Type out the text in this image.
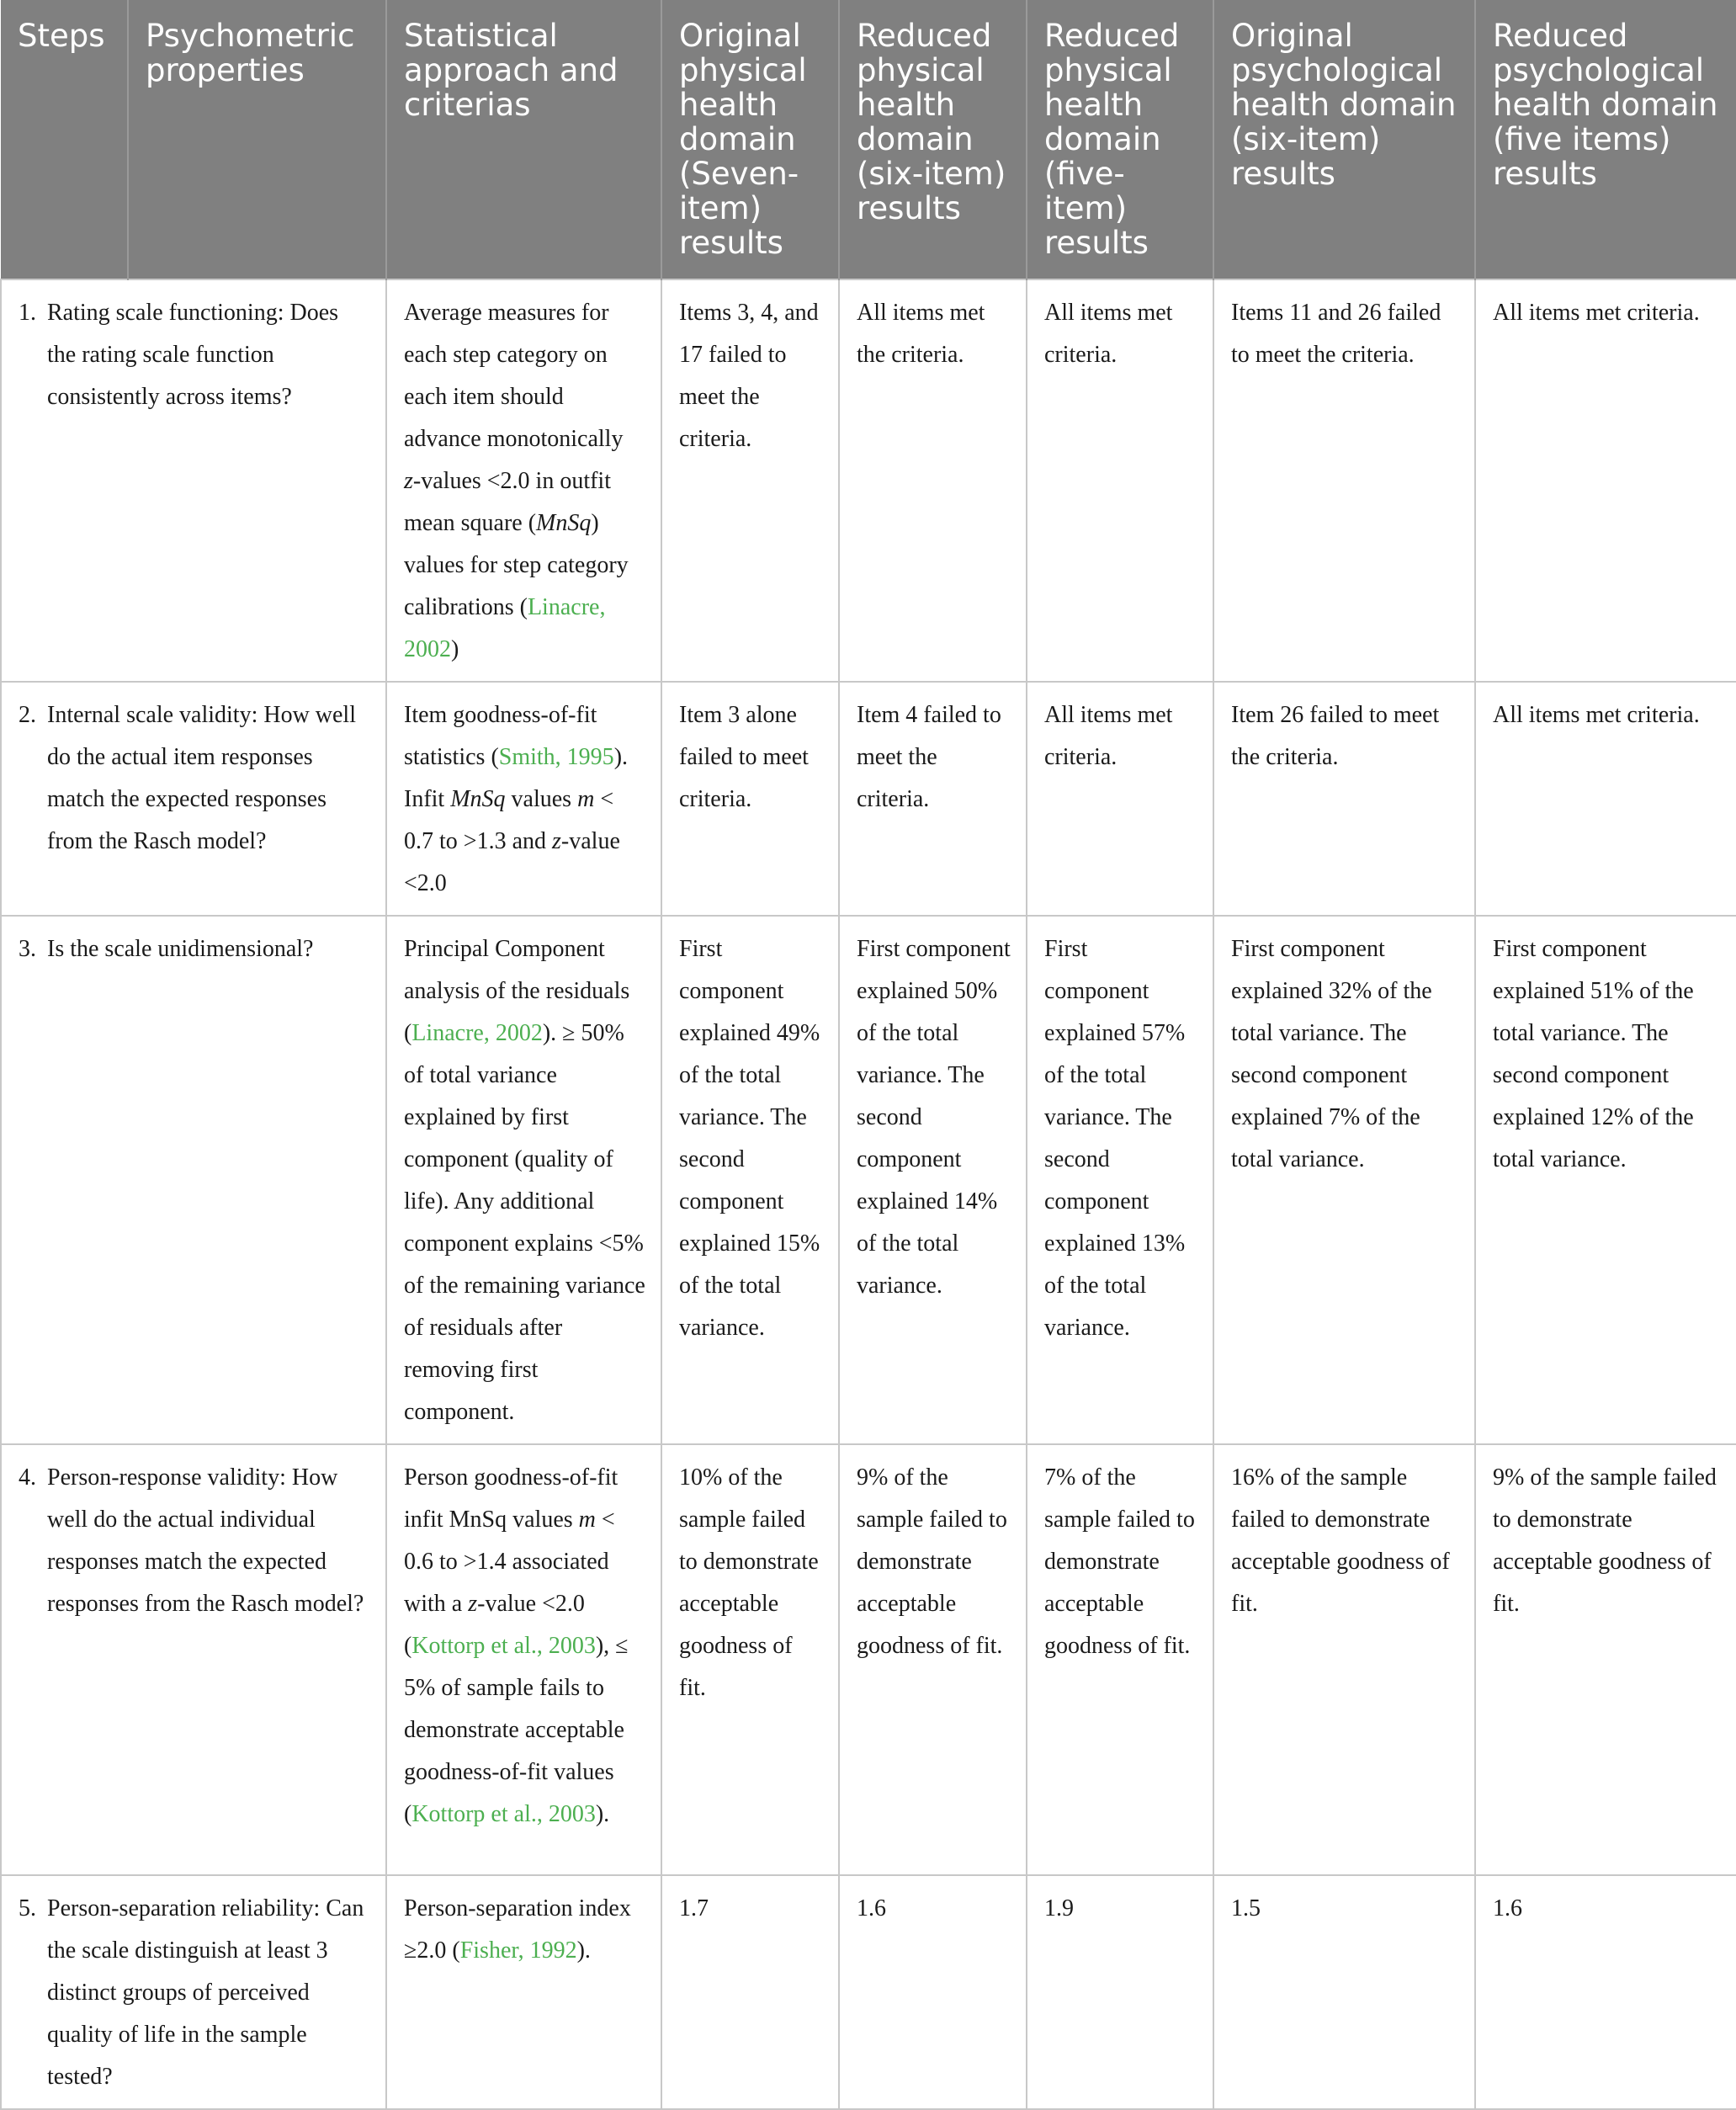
Steps	Psychometric properties	Statistical approach and criterias	Original physical health domain (Seven-item) results	Reduced physical health domain (six-item) results	Reduced physical health domain (five-item) results	Original psychological health domain (six-item) results	Reduced psychological health domain (five items) results

1. Rating scale functioning: Does the rating scale function consistently across items?		Average measures for each step category on each item should advance monotonically z-values <2.0 in outfit mean square (MnSq) values for step category calibrations (Linacre, 2002)	Items 3, 4, and 17 failed to meet the criteria.	All items met the criteria.	All items met criteria.	Items 11 and 26 failed to meet the criteria.	All items met criteria.

2. Internal scale validity: How well do the actual item responses match the expected responses from the Rasch model?		Item goodness-of-fit statistics (Smith, 1995). Infit MnSq values m < 0.7 to >1.3 and z-value <2.0	Item 3 alone failed to meet criteria.	Item 4 failed to meet the criteria.	All items met criteria.	Item 26 failed to meet the criteria.	All items met criteria.

3. Is the scale unidimensional?		Principal Component analysis of the residuals (Linacre, 2002). ≥ 50% of total variance explained by first component (quality of life). Any additional component explains <5% of the remaining variance of residuals after removing first component.	First component explained 49% of the total variance. The second component explained 15% of the total variance.	First component explained 50% of the total variance. The second component explained 14% of the total variance.	First component explained 57% of the total variance. The second component explained 13% of the total variance.	First component explained 32% of the total variance. The second component explained 7% of the total variance.	First component explained 51% of the total variance. The second component explained 12% of the total variance.

4. Person-response validity: How well do the actual individual responses match the expected responses from the Rasch model?		Person goodness-of-fit infit MnSq values m < 0.6 to >1.4 associated with a z-value <2.0 (Kottorp et al., 2003), ≤ 5% of sample fails to demonstrate acceptable goodness-of-fit values (Kottorp et al., 2003).	10% of the sample failed to demonstrate acceptable goodness of fit.	9% of the sample failed to demonstrate acceptable goodness of fit.	7% of the sample failed to demonstrate acceptable goodness of fit.	16% of the sample failed to demonstrate acceptable goodness of fit.	9% of the sample failed to demonstrate acceptable goodness of fit.

5. Person-separation reliability: Can the scale distinguish at least 3 distinct groups of perceived quality of life in the sample tested?		Person-separation index ≥2.0 (Fisher, 1992).	1.7	1.6	1.9	1.5	1.6
